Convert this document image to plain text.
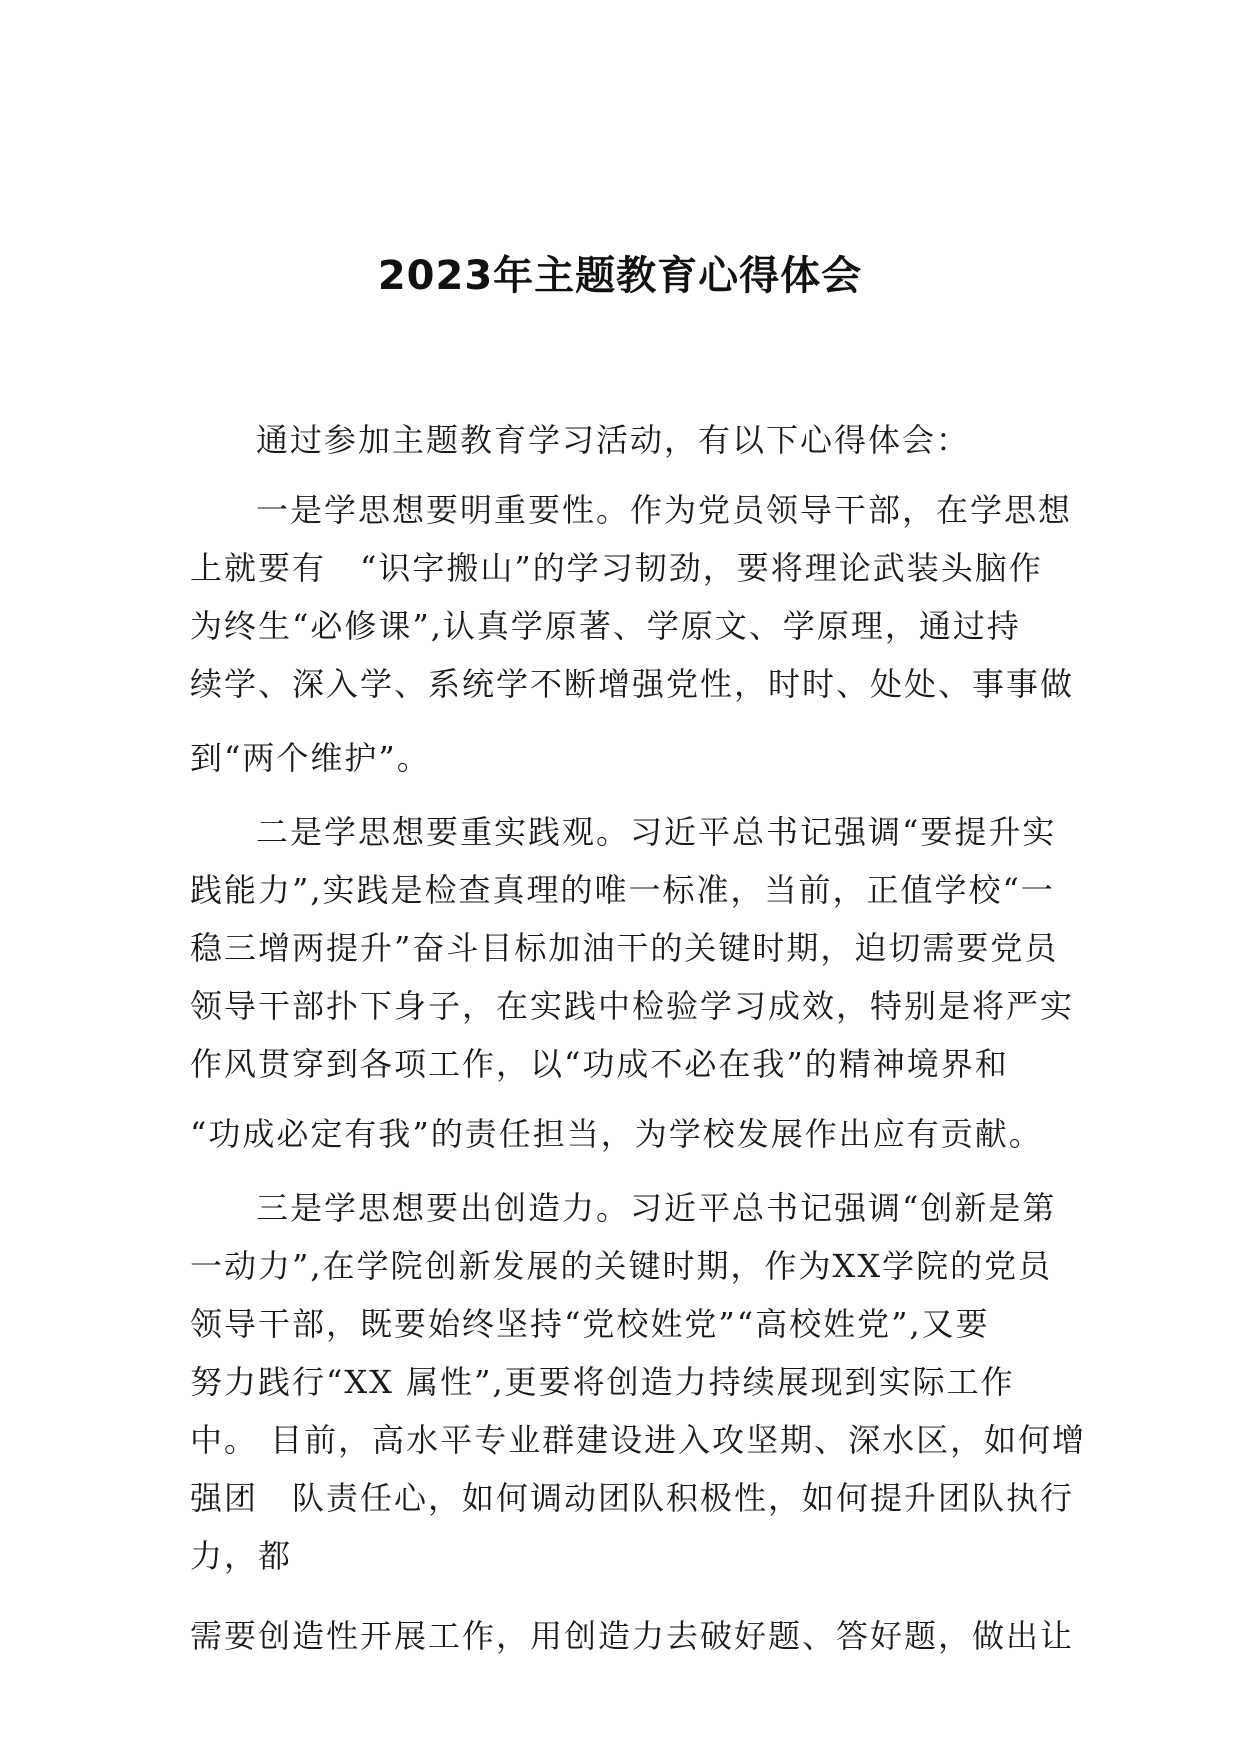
2023年主题教育心得体会
通过参加主题教育学习活动，有以下心得体会：
一是学思想要明重要性。作为党员领导干部，在学思想
上就要有　“识字搬山”的学习韧劲，要将理论武装头脑作
为终生“必修课”,认真学原著、学原文、学原理，通过持
续学、深入学、系统学不断增强党性，时时、处处、事事做
到“两个维护”。
二是学思想要重实践观。习近平总书记强调“要提升实
践能力”,实践是检查真理的唯一标准，当前，正值学校“一
稳三增两提升”奋斗目标加油干的关键时期，迫切需要党员
领导干部扑下身子，在实践中检验学习成效，特别是将严实
作风贯穿到各项工作，以“功成不必在我”的精神境界和
“功成必定有我”的责任担当，为学校发展作出应有贡献。
三是学思想要出创造力。习近平总书记强调“创新是第
一动力”,在学院创新发展的关键时期，作为XX学院的党员
领导干部，既要始终坚持“党校姓党”“高校姓党”,又要
努力践行“XX 属性”,更要将创造力持续展现到实际工作
中。 目前，高水平专业群建设进入攻坚期、深水区，如何增
强团　队责任心，如何调动团队积极性，如何提升团队执行
力，都
需要创造性开展工作，用创造力去破好题、答好题，做出让
